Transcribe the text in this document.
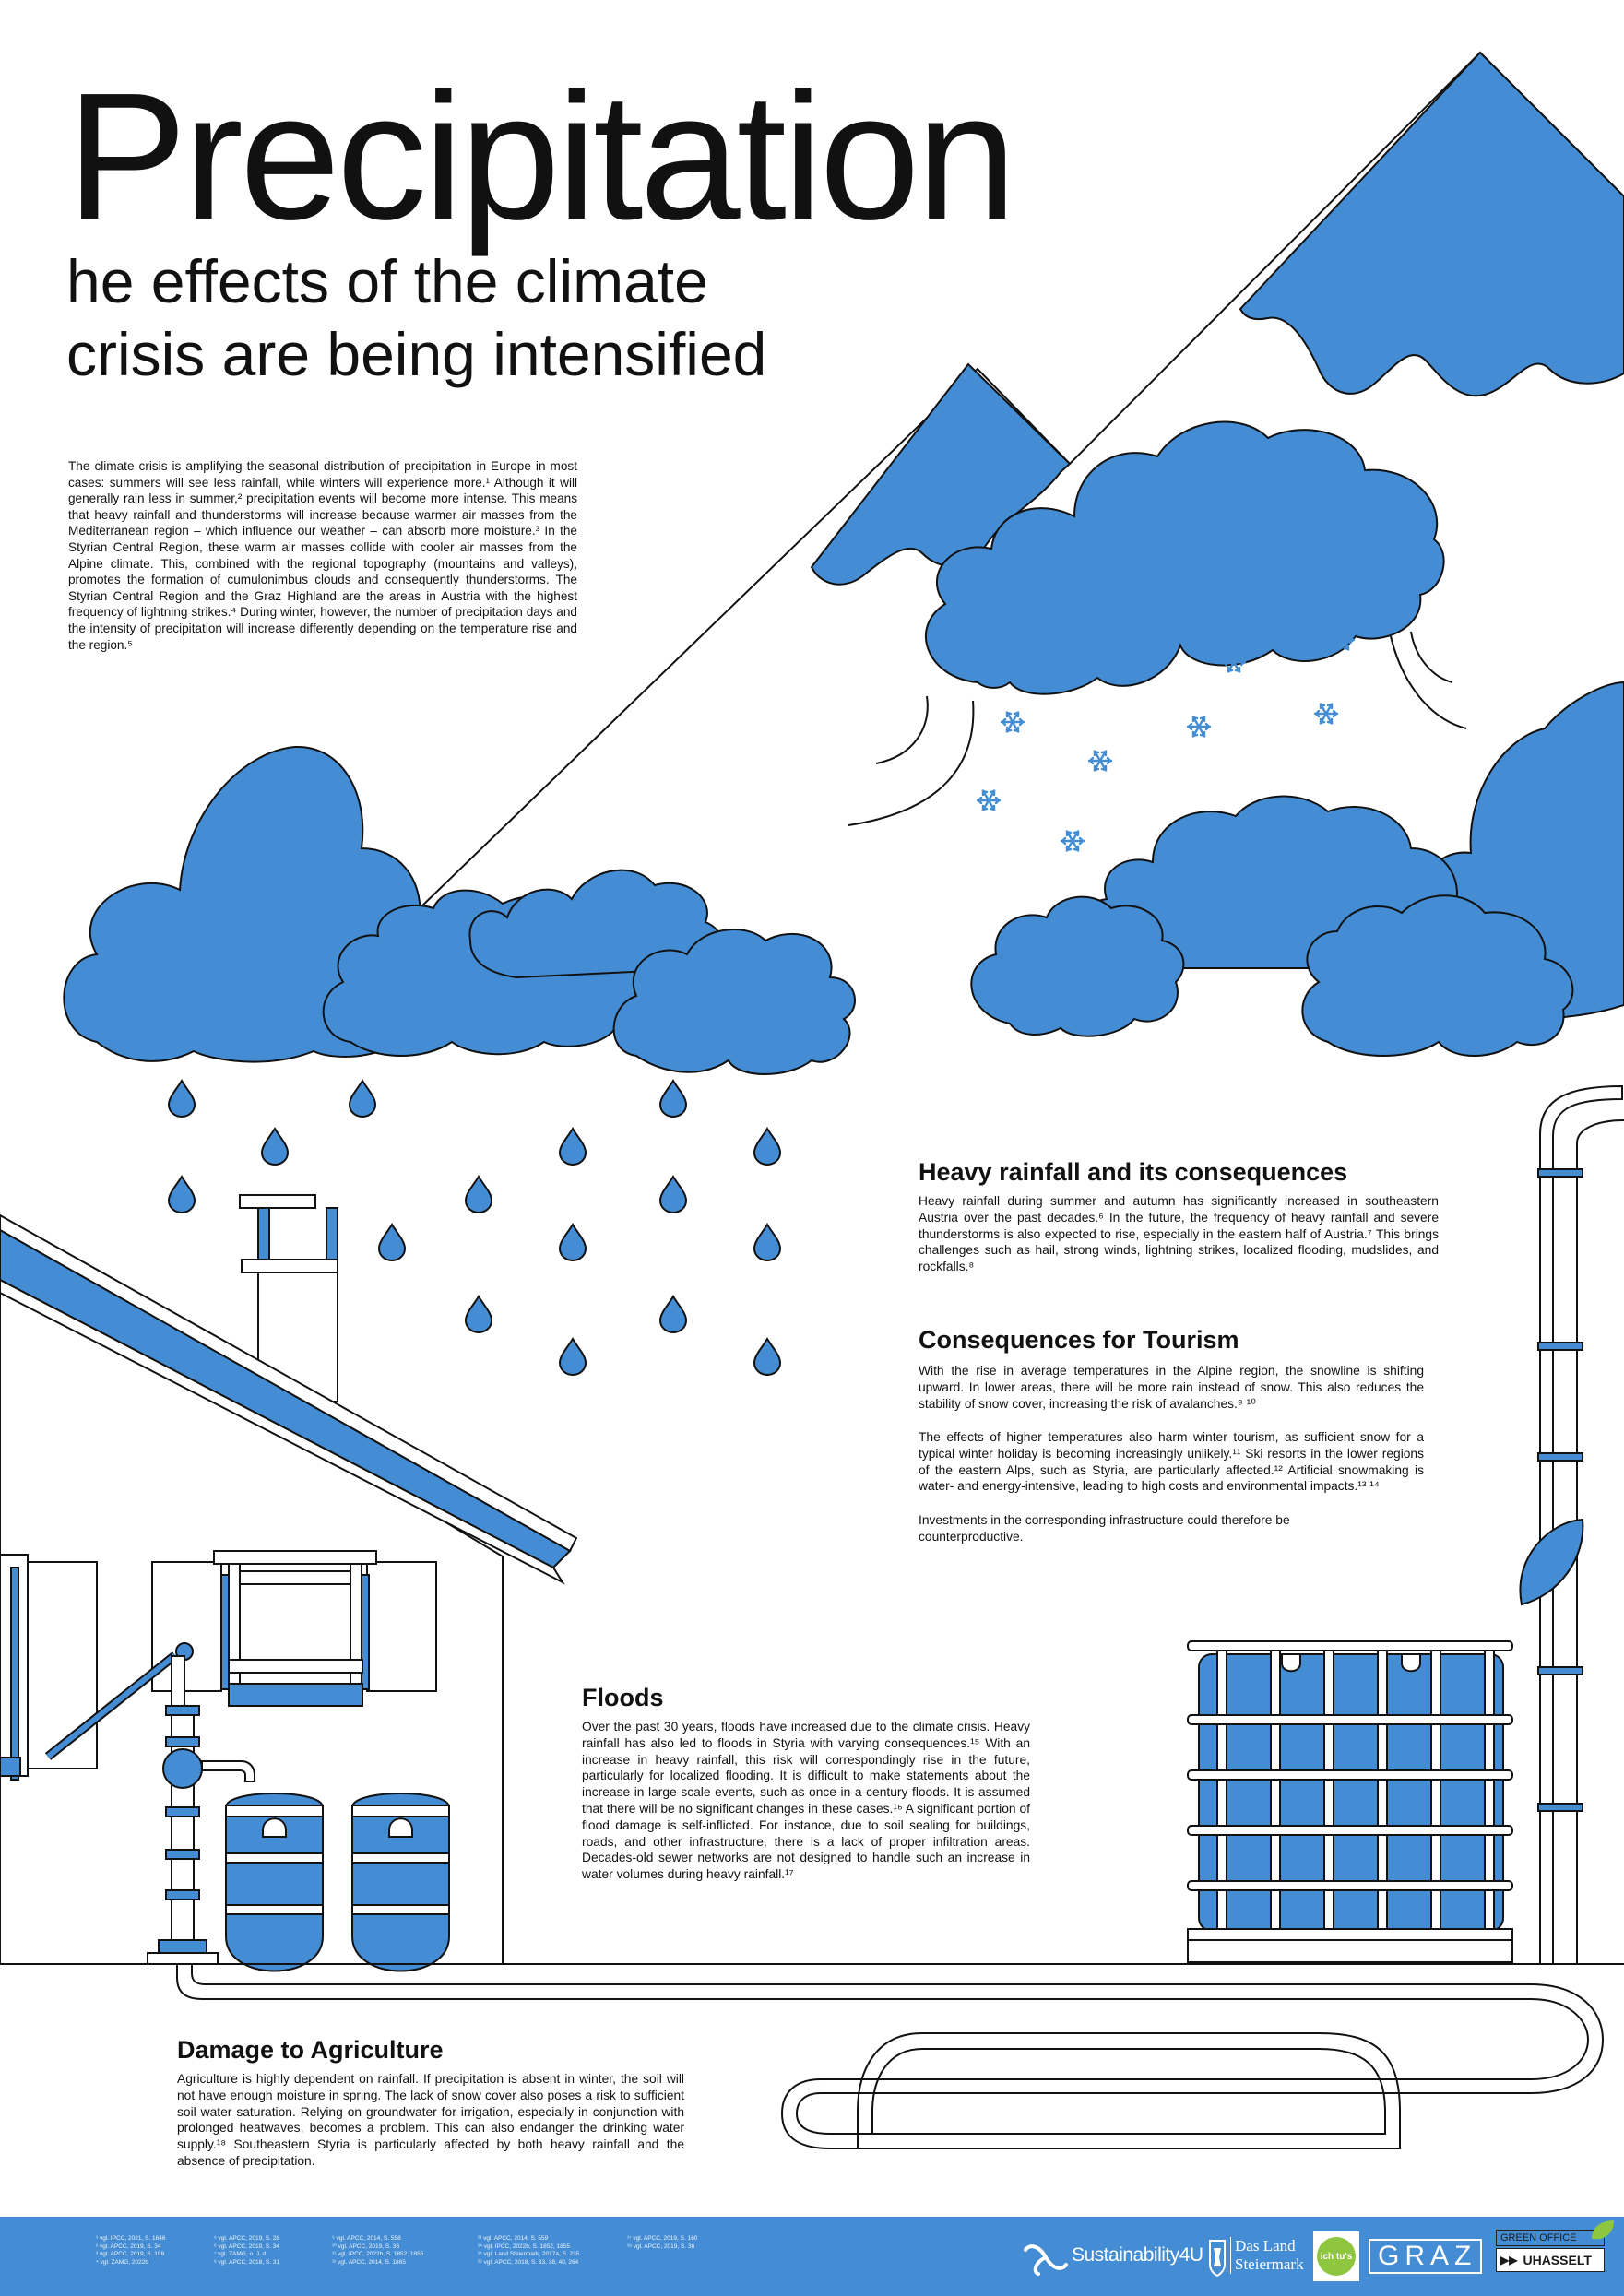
Precipitation
he effects of the climate
crisis are being intensified

The climate crisis is amplifying the seasonal distribution of precipitation in Europe in most cases: summers will see less rainfall, while winters will experience more.¹ Although it will generally rain less in summer,² precipitation events will become more intense. This means that heavy rainfall and thunderstorms will increase because warmer air masses from the Mediterranean region – which influence our weather – can absorb more moisture.³ In the Styrian Central Region, these warm air masses collide with cooler air masses from the Alpine climate. This, combined with the regional topography (mountains and valleys), promotes the formation of cumulonimbus clouds and consequently thunderstorms. The Styrian Central Region and the Graz Highland are the areas in Austria with the highest frequency of lightning strikes.⁴ During winter, however, the number of precipitation days and the intensity of precipitation will increase differently depending on the temperature rise and the region.⁵

Heavy rainfall and its consequences

Heavy rainfall during summer and autumn has significantly increased in southeastern Austria over the past decades.⁶ In the future, the frequency of heavy rainfall and severe thunderstorms is also expected to rise, especially in the eastern half of Austria.⁷ This brings challenges such as hail, strong winds, lightning strikes, localized flooding, mudslides, and rockfalls.⁸

Consequences for Tourism

With the rise in average temperatures in the Alpine region, the snowline is shifting upward. In lower areas, there will be more rain instead of snow. This also reduces the stability of snow cover, increasing the risk of avalanches.⁹ ¹⁰

The effects of higher temperatures also harm winter tourism, as sufficient snow for a typical winter holiday is becoming increasingly unlikely.¹¹ Ski resorts in the lower regions of the eastern Alps, such as Styria, are particularly affected.¹² Artificial snowmaking is water- and energy-intensive, leading to high costs and environmental impacts.¹³ ¹⁴

Investments in the corresponding infrastructure could therefore be counterproductive.

Floods

Over the past 30 years, floods have increased due to the climate crisis. Heavy rainfall has also led to floods in Styria with varying consequences.¹⁵ With an increase in heavy rainfall, this risk will correspondingly rise in the future, particularly for localized flooding. It is difficult to make statements about the increase in large-scale events, such as once-in-a-century floods. It is assumed that there will be no significant changes in these cases.¹⁶ A significant portion of flood damage is self-inflicted. For instance, due to soil sealing for buildings, roads, and other infrastructure, there is a lack of proper infiltration areas. Decades-old sewer networks are not designed to handle such an increase in water volumes during heavy rainfall.¹⁷

Damage to Agriculture

Agriculture is highly dependent on rainfall. If precipitation is absent in winter, the soil will not have enough moisture in spring. The lack of snow cover also poses a risk to sufficient soil water saturation. Relying on groundwater for irrigation, especially in conjunction with prolonged heatwaves, becomes a problem. This can also endanger the drinking water supply.¹⁸ Southeastern Styria is particularly affected by both heavy rainfall and the absence of precipitation.

¹ vgl. IPCC, 2021, S. 1646
² vgl. APCC, 2019, S. 34
³ vgl. APCC, 2019, S. 198
⁴ vgl. ZAMG, 2022b
⁵ vgl. APCC, 2019, S. 28
⁶ vgl. APCC, 2019, S. 34
⁷ vgl. ZAMG, o. J. d
⁸ vgl. APCC, 2018, S. 31
⁹ vgl. APCC, 2014, S. 558
¹⁰ vgl. APCC, 2019, S. 36
¹¹ vgl. IPCC, 2022b, S. 1852, 1855
¹² vgl. APCC, 2014, S. 1865
¹³ vgl. APCC, 2014, S. 559
¹⁴ vgl. IPCC, 2022b, S. 1852, 1855
¹⁵ vgl. Land Steiermark, 2017a, S. 235
¹⁶ vgl. APCC, 2018, S. 33, 38, 40, 264
¹⁷ vgl. APCC, 2019, S. 160
¹⁸ vgl. APCC, 2019, S. 36	Sustainability4U Das Land
Steiermark	ich tu's GRAZ
GREEN OFFICE
▶▶ UHASSELT
